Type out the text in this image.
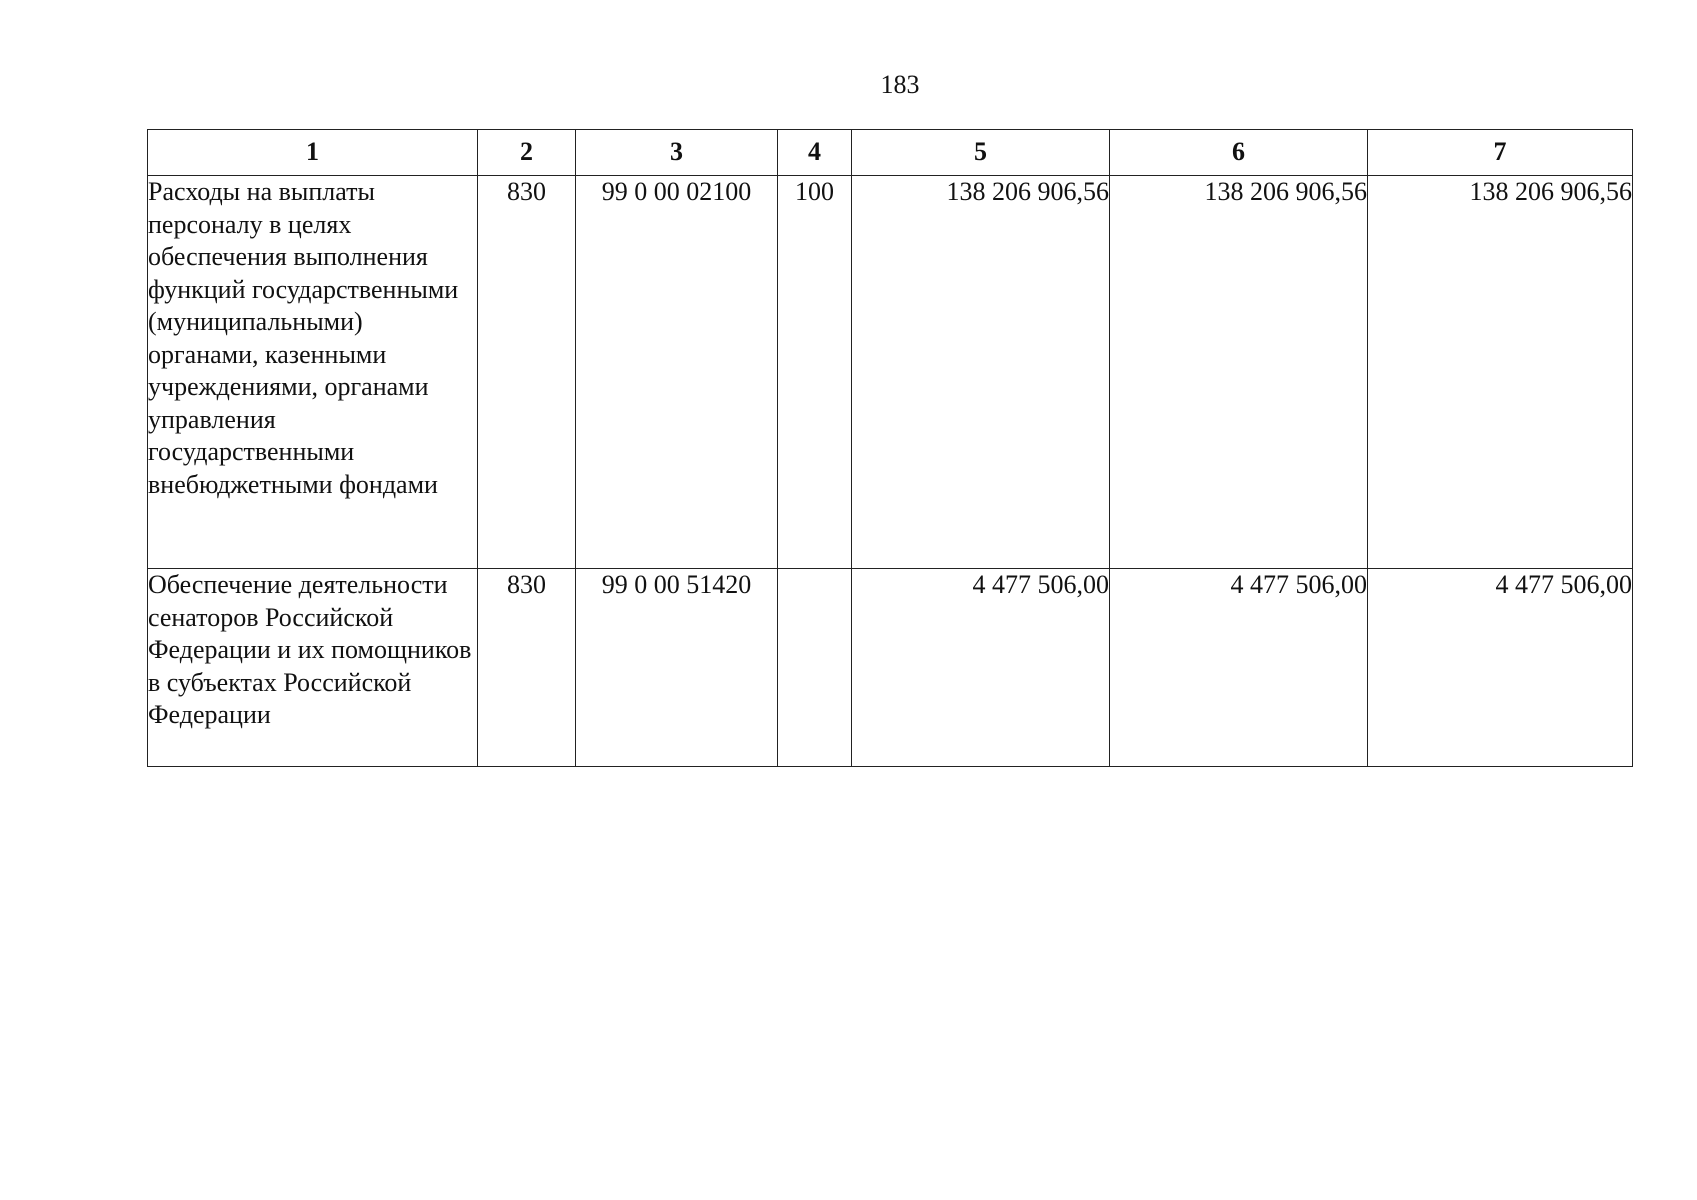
183
1	2	3	4	5	6	7
Расходы на выплаты персоналу в целях обеспечения выполнения функций государственными (муниципальными) органами, казенными учреждениями, органами управления государственными внебюджетными фондами	830	99 0 00 02100	100	138 206 906,56	138 206 906,56	138 206 906,56
Обеспечение деятельности сенаторов Российской Федерации и их помощников в субъектах Российской Федерации	830	99 0 00 51420		4 477 506,00	4 477 506,00	4 477 506,00
